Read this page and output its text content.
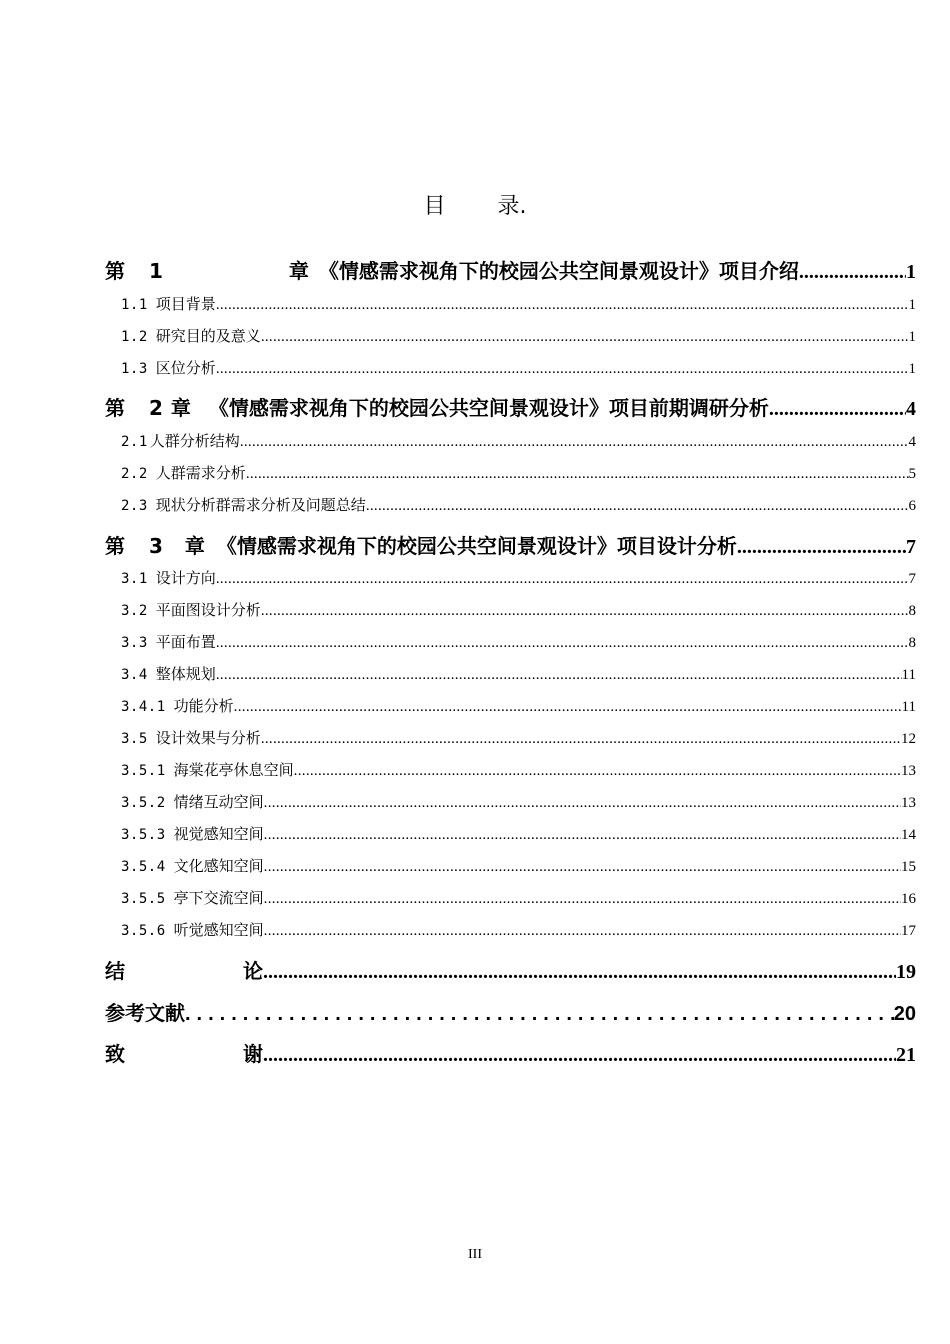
目 录.
第 1	章 《情感需求视角下的校园公共空间景观设计》项目介绍 .....	1
1.1 项目背景 .....	1
1.2 研究目的及意义 .....	1
1.3 区位分析 .....	1
第 2 章 《情感需求视角下的校园公共空间景观设计》项目前期调研分析 .....	4
2.1 人群分析结构 .....	4
2.2 人群需求分析 .....	5
2.3 现状分析群需求分析及问题总结 .....	6
第 3 章 《情感需求视角下的校园公共空间景观设计》项目设计分析 .....	7
3.1 设计方向 .....	7
3.2 平面图设计分析 .....	8
3.3 平面布置 .....	8
3.4 整体规划 .....	11
3.4.1 功能分析 .....	11
3.5 设计效果与分析 .....	12
3.5.1 海棠花亭休息空间 .....	13
3.5.2 情绪互动空间 .....	13
3.5.3 视觉感知空间 .....	14
3.5.4 文化感知空间 .....	15
3.5.5 亭下交流空间 .....	16
3.5.6 听觉感知空间 .....	17
结	论 .....	19
参考文献 .....	20
致	谢 .....	21
III
